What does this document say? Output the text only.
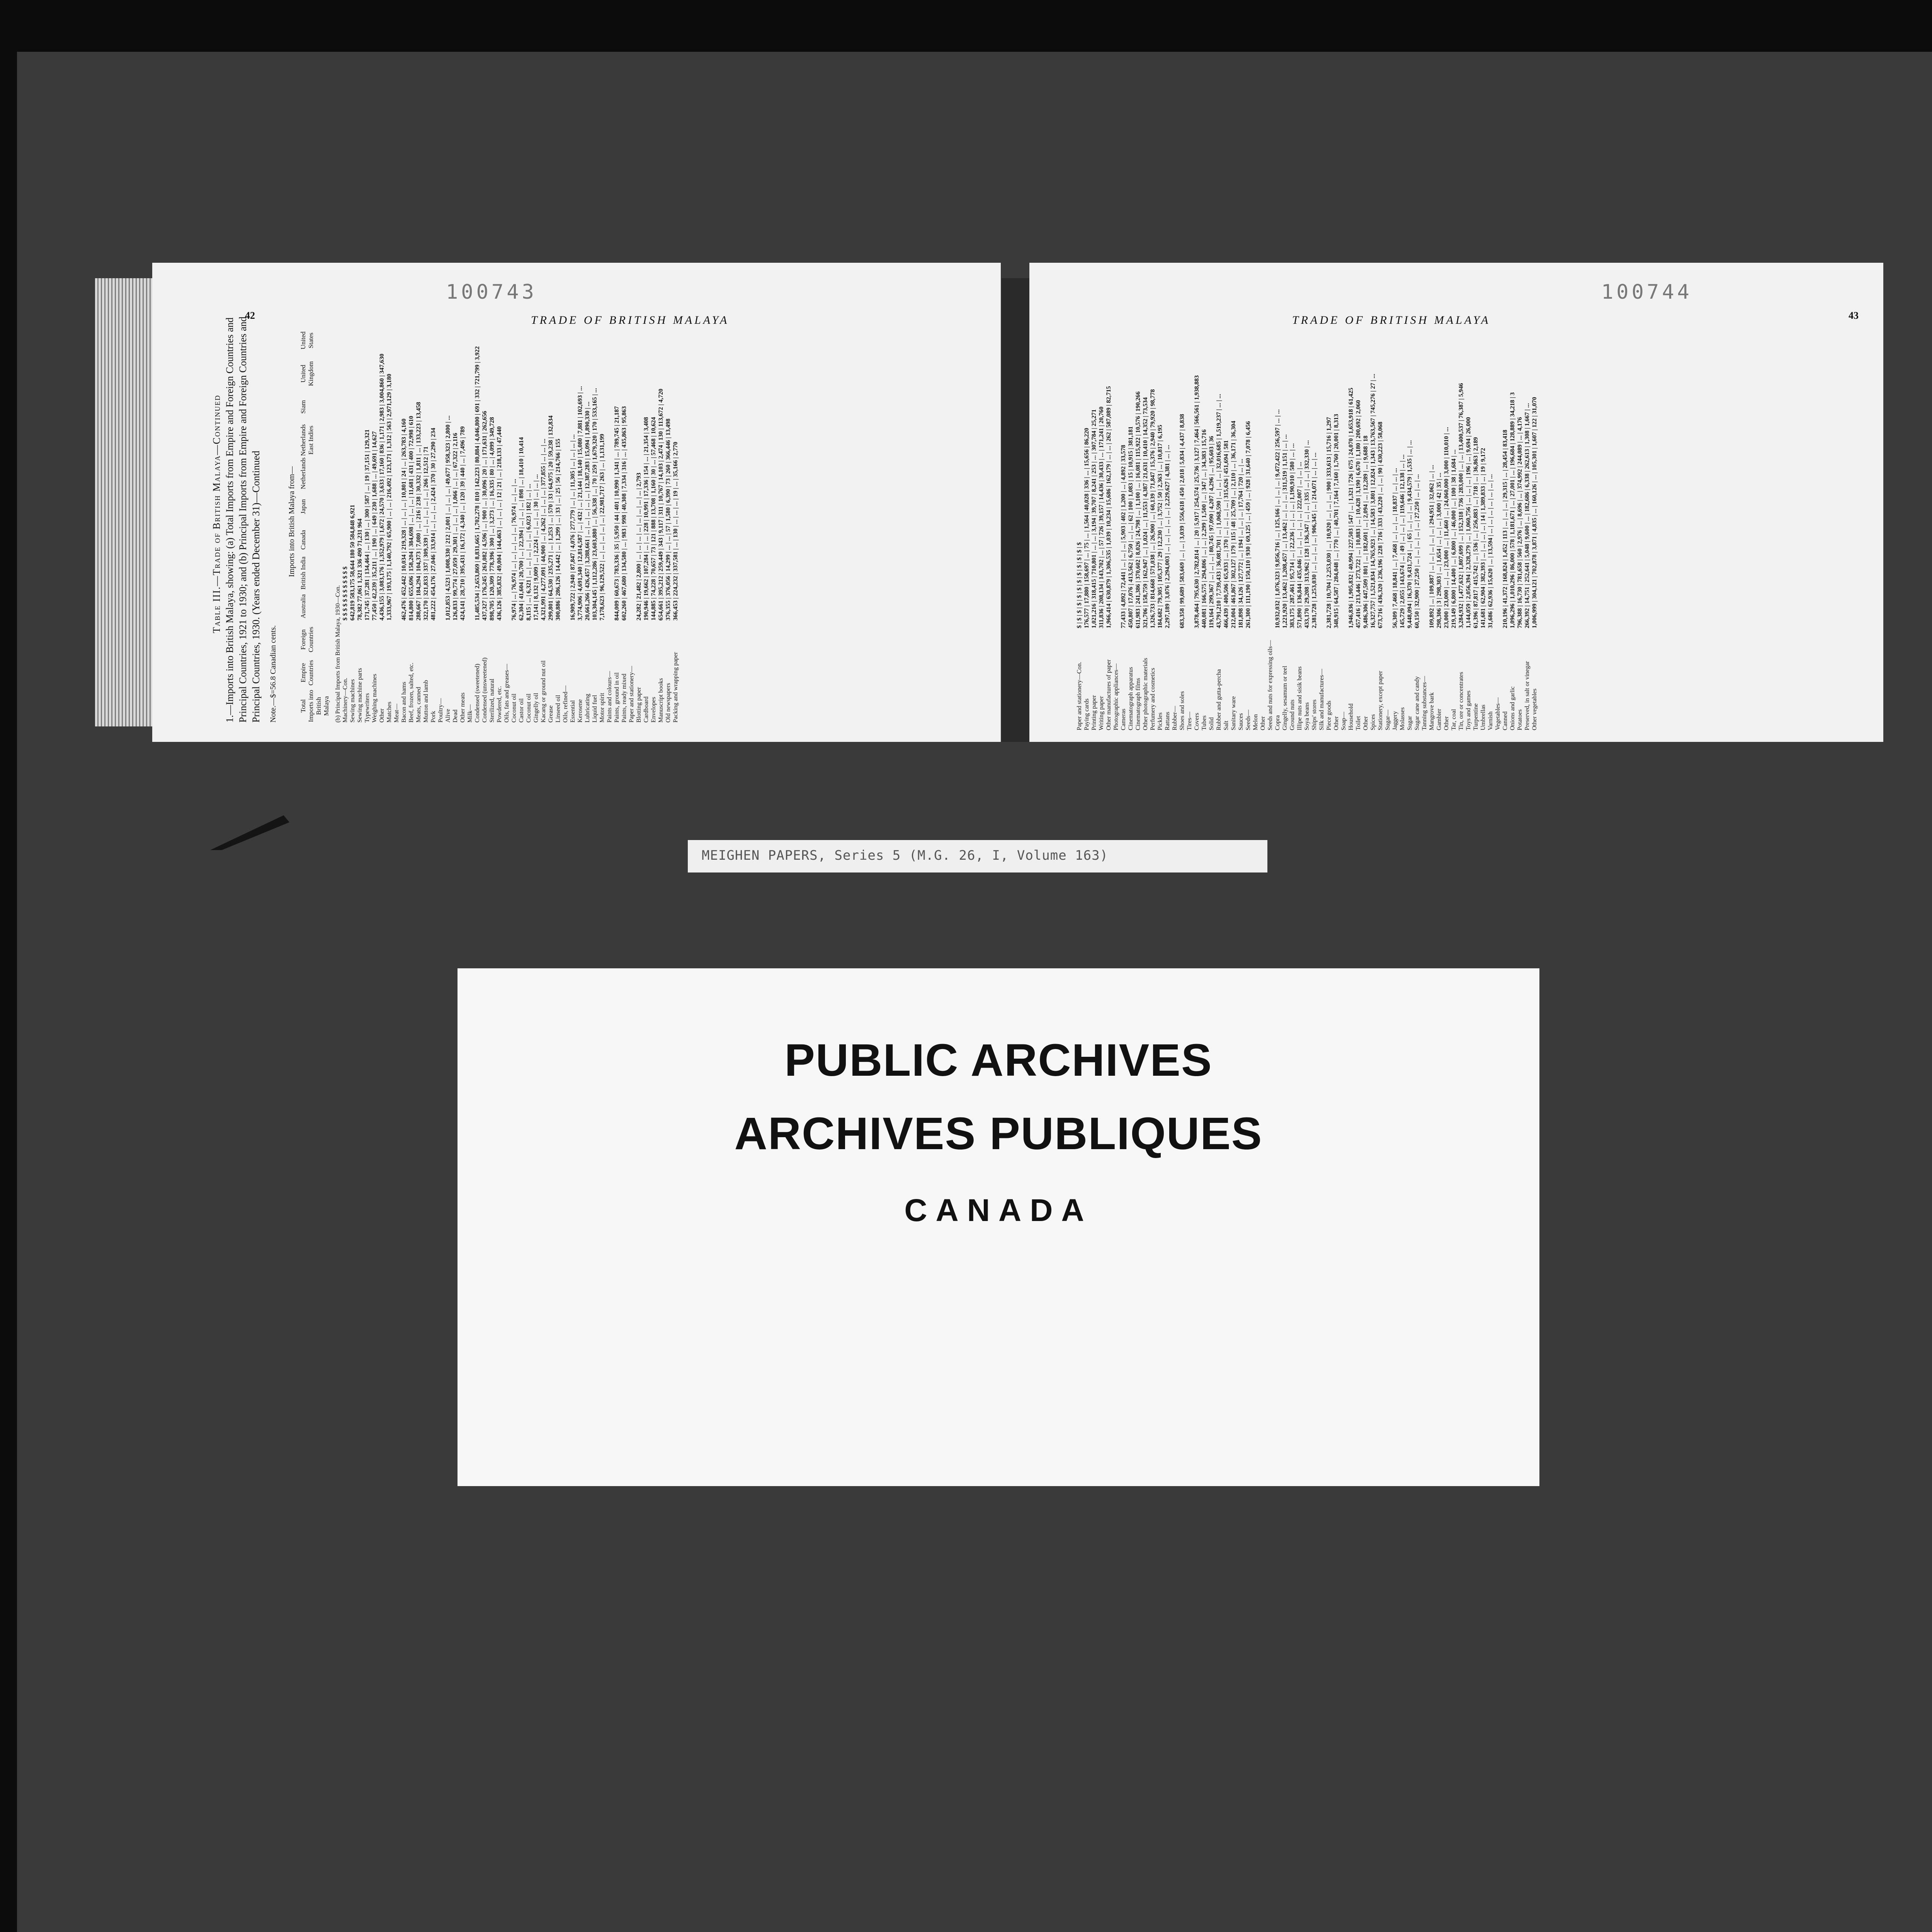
100743
42	TRADE OF BRITISH MALAYA
Table III.—Trade of British Malaya—Continued 1.—Imports into British Malaya, showing: (a) Total Imports from Empire and Foreign Countries and Principal Countries, 1921 to 1930; and (b) Principal Imports from Empire and Foreign Countries and Principal Countries, 1930. (Years ended December 31)—Continued Note.—$=56.8 Canadian cents.
Imports into British Malaya from—
Total Imports into British Malaya
Empire Countries
Foreign Countries
Australia
British India
Canada
Japan
Netherlands
Netherlands East Indies
Siam
United Kingdom
United States
(b) Principal Imports from British Malaya, 1930—Con. Machinery—Con.
$ $ $ $ $ $ $ $ $ $ $ $
Sewing machines
642,819 583,175 58,644 180 50 584,848 6,921
Sewing machine parts
78,382 77,061 1,321 336 490 71,231 964
Typewriters
171,745 | 37,281 | 134,464 | ... | 130 | ... | 300 | 587 | ... | 19 | 37,151 | 129,321
Weighing machines
77,450 | 42,239 | 35,211 | ... | 190 | ... | 649 | 230 | 1,688 | ... | 49,691 | 14,627
Other
4,436,155 | 3,083,176 | 1,352,979 | 1,672 | 24,570 | 3,633 | 17,160 | 836 | 1,171 | 2,983 | 3,004,860 | 347,630
Matches
1,333,967 | 193,175 | 1,140,792 | 65,900 | ... | ... | 216,492 | 123,171 | 1,312 | 563 | 2,971,129 | 3,180
Meat— Bacon and hams
462,476 | 452,442 | 10,034 | 219,328 | ... | ... | ... | 10,801 | 24 | ... | 263,783 | 4,160
Beef, frozen, salted, etc.
814,800 | 655,696 | 158,204 | 384,698 | ... | ... | ... | 11,681 | 431 | 400 | 72,998 | 610
Meats, canned
288,667 | 184,294 | 104,373 | 7,080 | ... | 216 | 238 | 30,332 | 1,811 | ... | 133,223 | 13,458
Mutton and lamb
322,170 | 321,833 | 337 | 309,339 | ... | ... | ... | ... | ... | 266 | 12,512 | 71
Pork
481,222 | 454,176 | 27,046 | 33,914 | ... | ... | ... | 2,424 | 370 | 30 | 27,290 | 234
Poultry— Alive
1,012,853 | 4,523 | 1,008,330 | 212 | 2,001 | ... | ... | ... | 49,677 | 958,323 | 2,800 | ...
Dead
126,833 | 99,774 | 27,059 | 29,301 | ... | ... | ... | 1,066 | ... | ... | 67,322 | 2,116
Other meats
424,141 | 28,710 | 395,431 | 16,172 | 4,340 | ... | 120 | 39 | 440 | ... | 7,496 | 789
Milk— Condensed (sweetened)
11,485,534 | 2,653,869 | 8,831,665 | 1,702,278 | 810 | 142,223 | 80,884 | 4,046,800 | 691 | 332 | 721,799 | 3,922
Condensed (unsweetened)
437,327 | 176,245 | 261,082 | 4,596 | ... | 900 | ... | 30,096 | 20 | ... | 171,631 | 262,656
Sterilized, natural
898,705 | 120,309 | 778,396 | 300 | ... | 3,273 | ... | 16,335 | 80 | ... | 4,099 | 349,728
Powdered, etc.
436,126 | 385,832 | 49,004 | 144,463 | ... | ... | ... | 12 | 21 | ... | 218,133 | 47,440
Oils, fats and greases— Coconut oil
76,974 | ... | 76,974 | ... | ... | ... | ... | ... | 76,974 | ... | ... | ...
Castor oil
62,304 | 41,604 | 20,700 | ... | 22,394 | ... | ... | ... | 898 | ... | 18,410 | 10,414
Coconut oil
8,115 | ... | 6,321 | ... | ... | ... | ... | ... | 6,023 | 182 | ... | ...
Gingelly oil
17,141 | 8,132 | 9,009 | ... | 2,224 | ... | ... | ... | 30 | ... | ... | ...
Kacang or ground nut oil
4,321,991 | 4,277,091 | 44,900 | ... | 4,262 | ... | ... | ... | 377,855 | ... | ... | ...
Grease
299,801 | 64,530 | 235,271 | ... | 1,253 | ... | 570 | 33 | 64,975 | 20 | 59,238 | 132,834
Linseed oil
300,886 | 286,126 | 14,442 | ... | 1,299 | ... | 33 | ... | 25 | 56 | 214,766 | 155
Oils, refined— Essential
16,909,722 | 2,940 | 87,847 | 4,076 | 277,779 | ... | ... | 11,305 | ... | ... | ... | ...
Kerosene
3,774,906 | 4,691,340 | 12,814,587 | ... | 432 | ... | 21,144 | 18,140 | 15,080 | 7,881 | 102,693 | ...
Lubricating
20,661,266 | 426,457 | 3,288,661 | ... | ... | ... | ... | ... | 12,387,283 | 15,094 | 1,890,330 | ...
Liquid fuel
103,304,145 | 1,112,286 | 23,603,880 | ... | 56,338 | ... | 70 | 259 | 1,679,320 | 170 | 533,165 | ...
Motor spirit
7,178,623 | 96,129,522 | ... | ... | ... | ... | ... | 22,981,717 | 263 | ... | 1,131,199
Paints and colours— Paints, ground in oil
844,009 | 60,673 | 783,336 | 35 | 5,950 | 44 | 401 | 10,990 | 1,341 | ... | 789,745 | 21,187
Paints, ready mixed
602,260 | 467,680 | 134,580 | ... | 983 | 998 | 40,308 | 7,334 | 316 | ... | 435,863 | 95,863
Paper and stationery— Blotting paper
24,282 | 21,482 | 2,800 | ... | ... | ... | ... | ... | ... | ... | ... | 2,793
Cardboard
190,946 | 19,662 | 107,284 | ... | ... | 228 | 10,991 | 17,336 | 154 | ... | 21,354 | 3,408
Envelopes
144,885 | 74,228 | 70,657 | 73 | 121 | 888 | 13,708 | 1,160 | 30 | ... | 57,468 | 10,624
Manuscript books
654,661 | 395,212 | 259,449 | 343 | 9,117 | 311 | 10,767 | 14,103 | 2,474 | 130 | 113,672 | 4,720
Old newspapers
376,355 | 376,056 | 14,299 | ... | ... | 57 | 1,580 | 6,390 | 73 | 260 | 366,446 | 13,498
Packing and wrapping paper
366,453 | 224,232 | 337,581 | ... | 130 | ... | ... | ... | 19 | ... | 35,166 | 2,770
100744
43
TRADE OF BRITISH MALAYA
Paper and stationery—Con.
$ | $ | $ | $ | $ | $ | $ | $ | $ | $ | $ | $
Paying cards
176,577 | 17,880 | 158,697 | ... | 75 | ... | 1,564 | 40,028 | 336 | ... | 15,656 | 86,220
Printing paper
1,021,216 | 318,415 | 710,801 | ... | ... | 3,194 | 39,707 | 8,241 | 253 | ... | 307,784 | 25,271
Writing paper
311,836 | 208,134 | 143,702 | ... | 57 | 726 | 39,157 | 14,436 | 30,433 | ... | 171,241 | 20,760
Other manufactures of paper
1,966,414 | 630,879 | 1,306,535 | 1,039 | 10,234 | 15,686 | 162,179 | ... | ... | 262 | 587,089 | 82,715
Photographic appliances— Cameras
77,433 | 4,892 | 72,441 | ... | ... | ... | 5,903 | 402 | 1,200 | ... | 4,892 | 33,578
Cinematograph apparatus
450,807 | 17,076 | 413,562 | 6,750 | ... | ... | 62 | 100 | 1,083 | 15 | 10,915 | 381,181
Cinematograph films
611,983 | 241,386 | 370,602 | 8,026 | 24,798 | ... | 1,100 | ... | 16,081 | 115,922 | 10,576 | 190,266
Other photographic materials
321,706 | 158,759 | 162,947 | ... | 1,024 | ... | 11,553 | 4,387 | 21,631 | 10,410 | 14,352 | 73,534
Perfumery and cosmetics
1,326,733 | 814,668 | 571,038 | ... | 26,900 | ... | 60,139 | 71,847 | 15,376 | 2,940 | 79,920 | 98,778
Pickles
184,682 | 79,305 | 105,377 | 29 | 12,230 | ... | 3,752 | 50 | 2,363 | ... | 10,817 | 6,195
Rattans
2,297,189 | 3,076 | 2,294,003 | ... | ... | ... | ... | ... | 2,229,627 | 4,381 | ... | ...
Rubber— Shoes and soles
683,358 | 99,689 | 583,669 | ... | ... | 3,039 | 556,618 | 450 | 2,018 | 5,834 | 4,437 | 8,838
Tires— Covers
3,878,464 | 795,630 | 2,782,814 | ... | 20 | 5,917 | 254,574 | 25,736 | 3,127 | 7,464 | 566,561 | 1,938,883
Tubes
440,081 | 166,575 | 294,806 | ... | ... | 2,299 | 1,500 | ... | 347 | ... | 34,383 | 15,716
Solid
119,164 | 299,367 | ... | ... | ... | 80,745 | 97,090 | 4,207 | 4,296 | ... | 95,603 | 36
Rubber and gutta-percha
43,791,210 | 7,739,433 | 36,081,701 | ... | 1,068,590 | ... | ... | ... | 32,016,685 | 1,519,237 | ... | ...
Salt
466,439 | 400,506 | 65,933 | ... | 370 | ... | ... | ... | ... | 315,626 | 451,694 | 581
Sanitary ware
212,004 | 461,867 | 302,127 | 179 | 115 | 48 | 25,709 | ... | 2,110 | ... | 36,171 | 36,304
Sauces
181,898 | 34,126 | 127,772 | ... | 194 | ... | ... | ... | 17,764 | 720 | ... | ...
Seeds—
261,300 | 111,190 | 150,110 | 930 | 69,125 | ... | 459 | ... | 928 | 31,640 | 7,078 | 6,456
Melon Other Seeds and nuts for expressing oils— Copra
10,932,032 | 1,076,323 | 9,856,716 | ... | 125,166 | ... | ... | ... | 9,472,422 | 256,597 | ... | ...
Gingelly, sesamum or teel
1,221,920 | 13,462 | 1,208,457 | ... | 13,462 | ... | ... | ... | 311,519 | 1,151 | ... | ...
Ground nuts
383,175 | 287,461 | 95,714 | ... | 22,236 | ... | ... | ... | 1,190,910 | 580 | ... | ...
Illipe nuts and sisik beans
571,890 | 136,844 | 435,046 | ... | ... | ... | ... | ... | 222,007 | ... | ... | ...
Soya beans
433,170 | 29,208 | 313,962 | 128 | 136,347 | ... | ... | 335 | ... | ... | 332,330 | ...
Ships' stores
2,381,728 | 1,253,030 | ... | ... | ... | ... | 906,345 | ... | 214,071 | ... | ... | ...
Silk and manufactures— Piece goods
2,381,728 | 10,704 | 2,253,030 | ... | 10,920 | ... | ... | ... | 900 | 333,613 | 15,716 | 1,297
Other
348,915 | 64,587 | 284,048 | ... | 770 | ... | 40,701 | 7,164 | 7,160 | 1,760 | 20,001 | 8,313
Soap— Household
1,946,836 | 1,905,832 | 40,994 | 227,503 | 547 | ... | 1,321 | 726 | 675 | 24,070 | 1,653,918 | 61,425
Toilet
457,416 | 213,446 | 273,722 | ... | 10,883 | ... | 10,428 | 3,190 | 6,670 | 1,180 | 200,692 | 2,060
Other
9,486,306 | 447,509 | 801 | ... | 182,601 | ... | 2,094 | ... | 12,289 | ... | 9,688 | 18
Spices
16,327,757 | 1,521,834 | 14,765,923 | ... | 14,583 | 3,801 | 12,824 | 1,343 | 13,763,567 | 745,276 | 27 | ...
Stationery, except paper
673,716 | 436,320 | 236,196 | 228 | 716 | 333 | 43,220 | ... | ... | 90 | 430,223 | 58,068
Sugar— Jaggery
56,309 | 7,468 | 18,841 | ... | 7,468 | ... | ... | ... | 18,837 | ... | ... | ...
Molasses
145,729 | 2,055 | 143,674 | ... | 49 | ... | ... | ... | 119,646 | 12,138 | ... | ...
Sugar
9,448,094 | 16,370 | 9,431,724 | ... | 65 | ... | ... | ... | 9,434,579 | 1,535 | ... | ...
Sugar cane and candy
60,150 | 32,900 | 27,250 | ... | ... | ... | ... | ... | 27,250 | ... | ... | ...
Tanning substances— Mangrove bark
109,892 | ... | 109,887 | ... | ... | ... | ... | ... | 294,951 | 32,062 | ... | ...
Gambier
298,306 | 3 | 298,303 | ... | 1,654 | ... | ... | ... | 3,000 | 42 | 35 | ...
Other
23,000 | 23,000 | ... | ... | 23,000 | ... | 11,460 | ... | 24,060,000 | 3,000 | 110,010 | ...
Tar, coal
219,149 | 6,800 | 14,400 | ... | 6,800 | ... | 46,000 | ... | 100 | 38 | 1,684 | ...
Tin, ore or concentrates
3,284,932 | 1,477,632 | 1,807,699 | ... | 152,318 | 736 | 283,000 | ... | ... | 13,400,537 | 76,387 | 5,946
Toys and games
1,144,059 | 2,056,394 | 2,328,279 | ... | 1,060,756 | ... | ... | ... | 196 | ... | 9,694 | 26,000
Turpentine
61,396 | 87,817 | 415,742 | ... | 536 | ... | 256,883 | ... | 718 | ... | 36,863 | 2,189
Umbrellas
141,681 | 62,904 | 382,393 | ... | ... | ... | ... | 14 | 1,389,833 | ... | 19 | 9,172
Varnish
31,686 | 62,936 | 15,620 | ... | 13,594 | ... | ... | ... | ... | ... | ... | ...
Vegetables— Canned
210,196 | 41,372 | 168,824 | 1,452 | 113 | ... | ... | ... | 29,315 | ... | 28,454 | 83,418
Onions and garlic
1,096,296 | 1,010,296 | 86,000 | 578 | 1,181,671 | ... | 27,001 | ... | 196,684 | 128,889 | 34,218 | 3
Potatoes
796,388 | 16,730 | 781,658 | 560 | 2,976 | ... | 8,696 | ... | 374,992 | 244,089 | ... | 4,176
Preserved, in salt or vinegar
266,392 | 14,751 | 252,641 | 5,048 | 9,600 | ... | 182,686 | 6,338 | 262,613 | 1,308 | 1,667 | ...
Other vegetables
1,006,999 | 304,121 | 702,878 | 3,871 | 4,835 | ... | 160,126 | ... | 105,301 | 1,607 | 122 | 31,070
MEIGHEN PAPERS, Series 5 (M.G. 26, I, Volume 163)
PUBLIC ARCHIVES
ARCHIVES PUBLIQUES
CANADA
